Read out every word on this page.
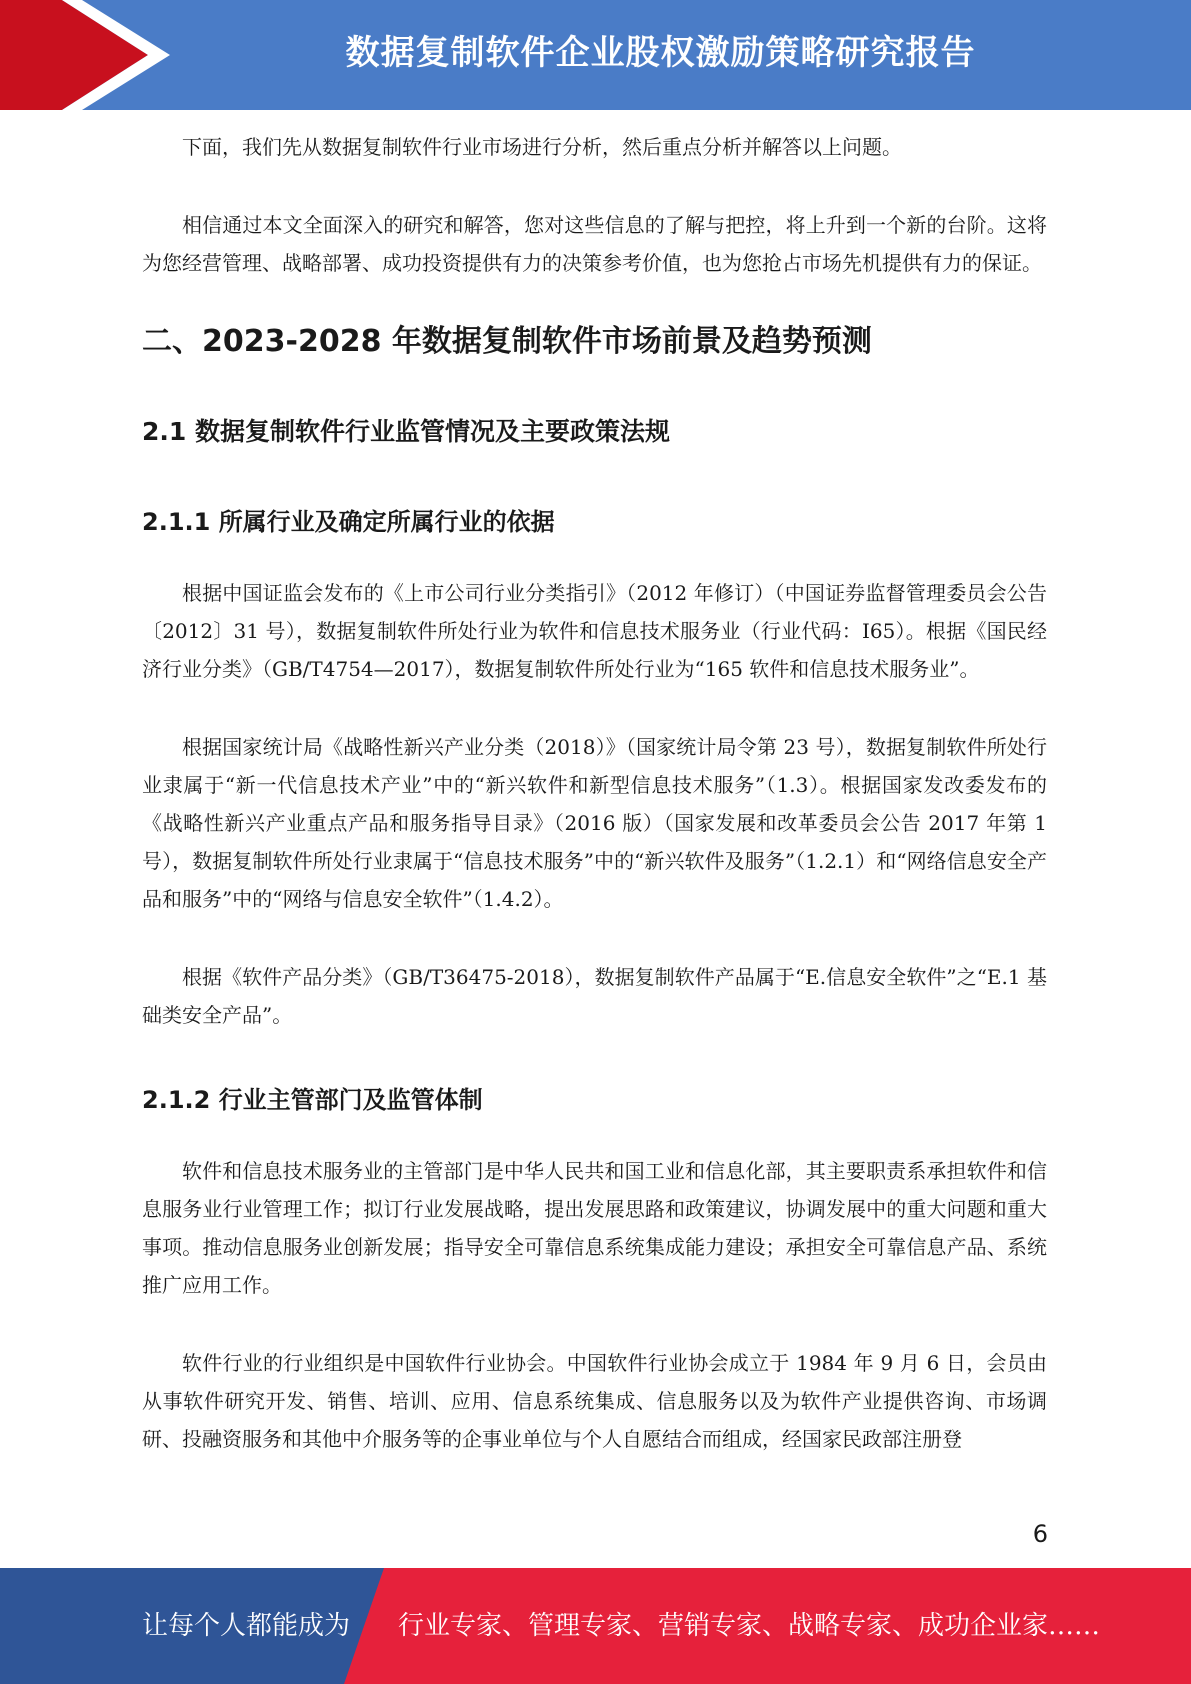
数据复制软件企业股权激励策略研究报告

下面，我们先从数据复制软件行业市场进行分析，然后重点分析并解答以上问题。

相信通过本文全面深入的研究和解答，您对这些信息的了解与把控，将上升到一个新的台阶。这将为您经营管理、战略部署、成功投资提供有力的决策参考价值，也为您抢占市场先机提供有力的保证。

二、2023-2028 年数据复制软件市场前景及趋势预测
2.1 数据复制软件行业监管情况及主要政策法规
2.1.1 所属行业及确定所属行业的依据

根据中国证监会发布的《上市公司行业分类指引》（2012 年修订）（中国证券监督管理委员会公告〔2012〕31 号），数据复制软件所处行业为软件和信息技术服务业（行业代码：I65）。根据《国民经济行业分类》（GB/T4754—2017），数据复制软件所处行业为“165 软件和信息技术服务业”。

根据国家统计局《战略性新兴产业分类（2018）》（国家统计局令第 23 号），数据复制软件所处行业隶属于“新一代信息技术产业”中的“新兴软件和新型信息技术服务”（1.3）。根据国家发改委发布的《战略性新兴产业重点产品和服务指导目录》（2016 版）（国家发展和改革委员会公告 2017 年第 1 号），数据复制软件所处行业隶属于“信息技术服务”中的“新兴软件及服务”（1.2.1）和“网络信息安全产品和服务”中的“网络与信息安全软件”（1.4.2）。

根据《软件产品分类》（GB/T36475-2018），数据复制软件产品属于“E.信息安全软件”之“E.1 基础类安全产品”。

2.1.2 行业主管部门及监管体制

软件和信息技术服务业的主管部门是中华人民共和国工业和信息化部，其主要职责系承担软件和信息服务业行业管理工作；拟订行业发展战略，提出发展思路和政策建议，协调发展中的重大问题和重大事项。推动信息服务业创新发展；指导安全可靠信息系统集成能力建设；承担安全可靠信息产品、系统推广应用工作。

软件行业的行业组织是中国软件行业协会。中国软件行业协会成立于 1984 年 9 月 6 日，会员由从事软件研究开发、销售、培训、应用、信息系统集成、信息服务以及为软件产业提供咨询、市场调研、投融资服务和其他中介服务等的企事业单位与个人自愿结合而组成，经国家民政部注册登

6
让每个人都能成为 行业专家、管理专家、营销专家、战略专家、成功企业家……
